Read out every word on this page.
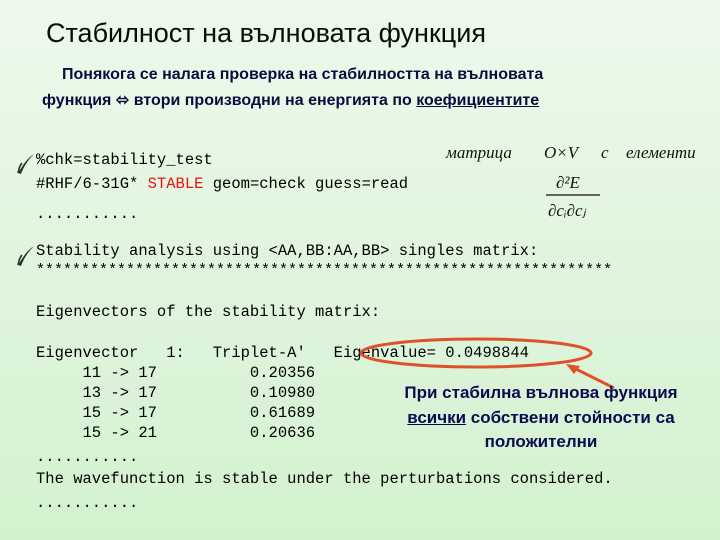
Стабилност на вълновата функция
Понякога се налага проверка на стабилността на вълновата
функция ⬄ втори производни на енергията по коефициентите
матрица O×V с елементи
∂²E
∂cᵢ∂cⱼ
%chk=stability_test
#RHF/6-31G* STABLE geom=check guess=read
...........
Stability analysis using <AA,BB:AA,BB> singles matrix:
****************************************************************
Eigenvectors of the stability matrix:
Eigenvector   1:   Triplet-A'   Eigenvalue= 0.0498844
11 -> 17          0.20356
13 -> 17          0.10980
15 -> 17          0.61689
15 -> 21          0.20636
...........
The wavefunction is stable under the perturbations considered.
...........
При стабилна вълнова функция
всички собствени стойности са
положителни
